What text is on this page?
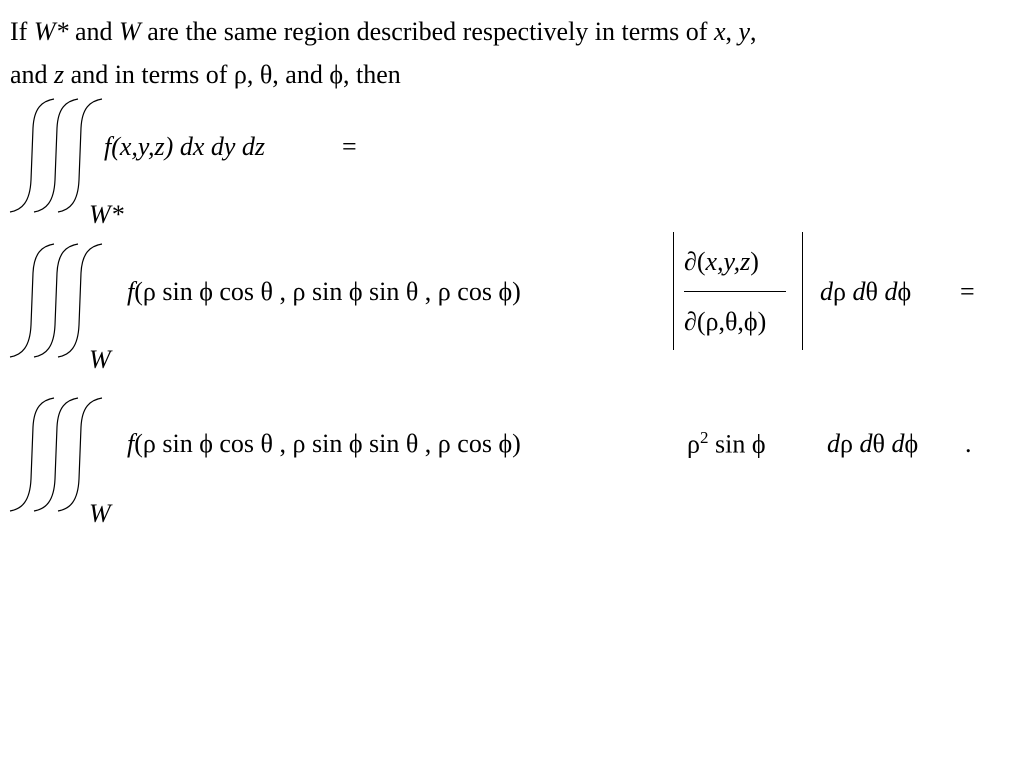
If W* and W are the same region described respectively in terms of x, y,
and z and in terms of ρ, θ, and ϕ, then
W*
f(x,y,z) dx dy dz	=
W
f(ρ sin ϕ cos θ , ρ sin ϕ sin θ , ρ cos ϕ)
∂(x,y,z)
∂(ρ,θ,ϕ)
dρ dθ dϕ =
W
f(ρ sin ϕ cos θ , ρ sin ϕ sin θ , ρ cos ϕ)	$\rho^2$ sin ϕ dρ dθ dϕ .
